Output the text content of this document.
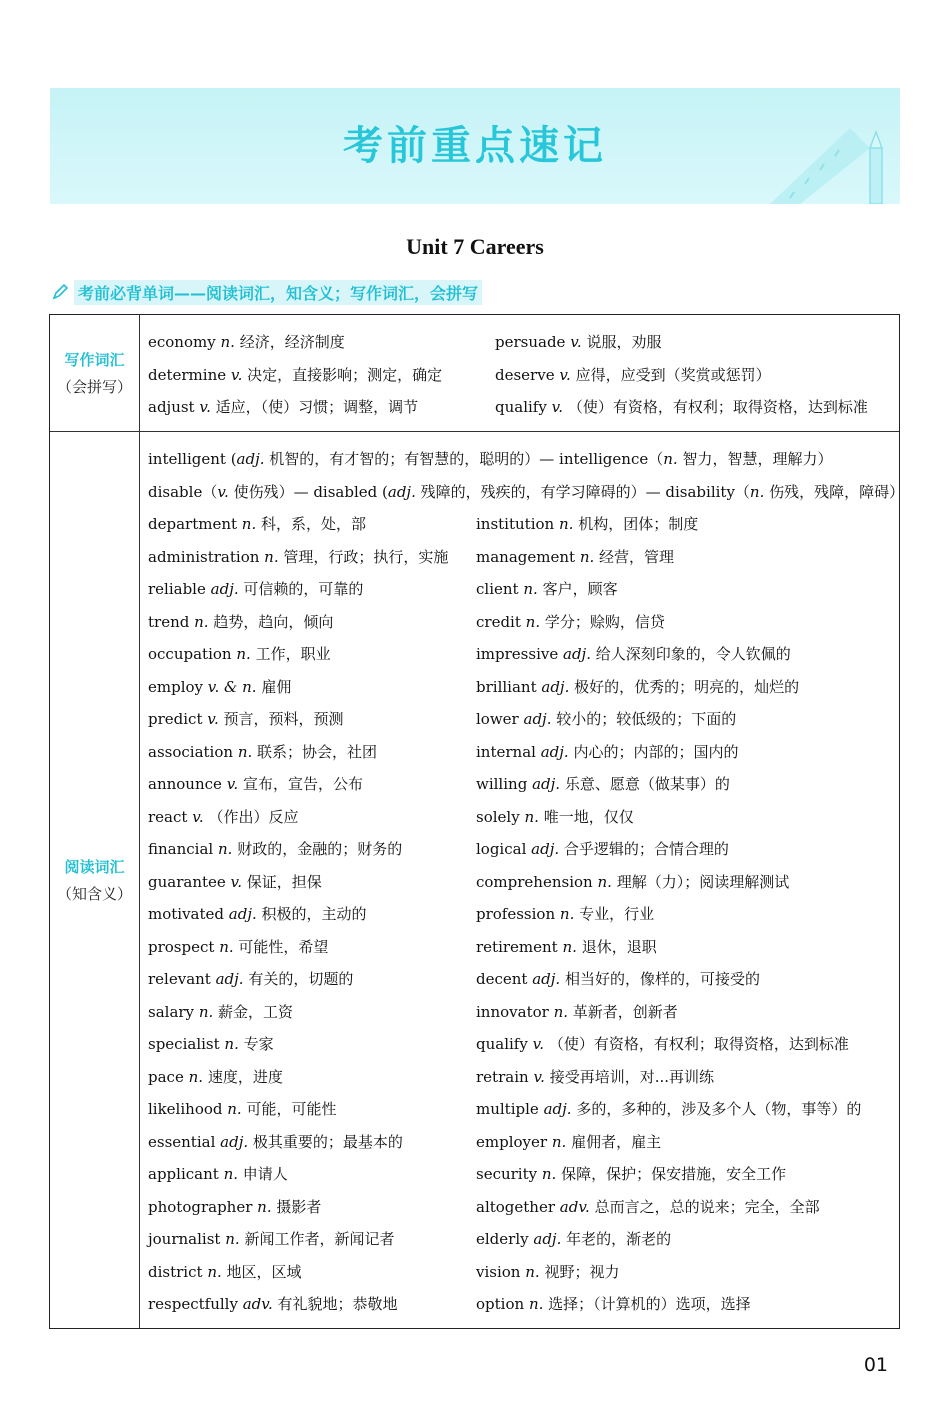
考前重点速记
Unit 7 Careers
考前必背单词——阅读词汇，知含义；写作词汇，会拼写
写作词汇
（会拼写）
economy n. 经济，经济制度
determine v. 决定，直接影响；测定，确定
adjust v. 适应，（使）习惯；调整，调节
persuade v. 说服，劝服
deserve v. 应得，应受到（奖赏或惩罚）
qualify v. （使）有资格，有权利；取得资格，达到标准
阅读词汇
（知含义）
intelligent (adj. 机智的，有才智的；有智慧的，聪明的）— intelligence（n. 智力，智慧，理解力）
disable（v. 使伤残）— disabled (adj. 残障的，残疾的，有学习障碍的）— disability（n. 伤残，残障，障碍）
department n. 科，系，处，部
administration n. 管理，行政；执行，实施
reliable adj. 可信赖的，可靠的
trend n. 趋势，趋向，倾向
occupation n. 工作，职业
employ v. & n. 雇佣
predict v. 预言，预料，预测
association n. 联系；协会，社团
announce v. 宣布，宣告，公布
react v. （作出）反应
financial n. 财政的，金融的；财务的
guarantee v. 保证，担保
motivated adj. 积极的，主动的
prospect n. 可能性，希望
relevant adj. 有关的，切题的
salary n. 薪金，工资
specialist n. 专家
pace n. 速度，进度
likelihood n. 可能，可能性
essential adj. 极其重要的；最基本的
applicant n. 申请人
photographer n. 摄影者
journalist n. 新闻工作者，新闻记者
district n. 地区，区域
respectfully adv. 有礼貌地；恭敬地
institution n. 机构，团体；制度
management n. 经营，管理
client n. 客户，顾客
credit n. 学分；赊购，信贷
impressive adj. 给人深刻印象的，令人钦佩的
brilliant adj. 极好的，优秀的；明亮的，灿烂的
lower adj. 较小的；较低级的；下面的
internal adj. 内心的；内部的；国内的
willing adj. 乐意、愿意（做某事）的
solely n. 唯一地，仅仅
logical adj. 合乎逻辑的；合情合理的
comprehension n. 理解（力）；阅读理解测试
profession n. 专业，行业
retirement n. 退休，退职
decent adj. 相当好的，像样的，可接受的
innovator n. 革新者，创新者
qualify v. （使）有资格，有权利；取得资格，达到标准
retrain v. 接受再培训，对...再训练
multiple adj. 多的，多种的，涉及多个人（物，事等）的
employer n. 雇佣者，雇主
security n. 保障，保护；保安措施，安全工作
altogether adv. 总而言之，总的说来；完全，全部
elderly adj. 年老的，渐老的
vision n. 视野；视力
option n. 选择；（计算机的）选项，选择
01
